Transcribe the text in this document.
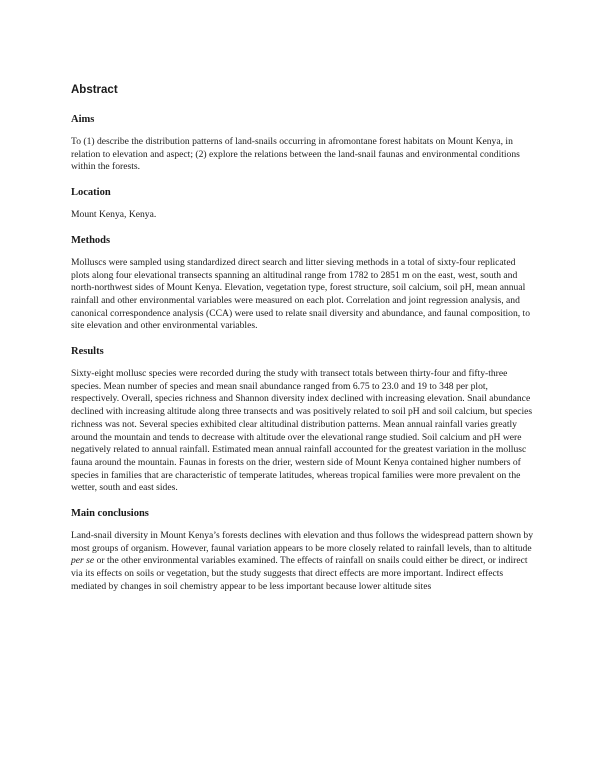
Abstract
Aims

To (1) describe the distribution patterns of land-snails occurring in afromontane forest habitats on Mount Kenya, in relation to elevation and aspect; (2) explore the relations between the land-snail faunas and environmental conditions within the forests.

Location

Mount Kenya, Kenya.

Methods

Molluscs were sampled using standardized direct search and litter sieving methods in a total of sixty-four replicated plots along four elevational transects spanning an altitudinal range from 1782 to 2851 m on the east, west, south and north-northwest sides of Mount Kenya. Elevation, vegetation type, forest structure, soil calcium, soil pH, mean annual rainfall and other environmental variables were measured on each plot. Correlation and joint regression analysis, and canonical correspondence analysis (CCA) were used to relate snail diversity and abundance, and faunal composition, to site elevation and other environmental variables.

Results

Sixty-eight mollusc species were recorded during the study with transect totals between thirty-four and fifty-three species. Mean number of species and mean snail abundance ranged from 6.75 to 23.0 and 19 to 348 per plot, respectively. Overall, species richness and Shannon diversity index declined with increasing elevation. Snail abundance declined with increasing altitude along three transects and was positively related to soil pH and soil calcium, but species richness was not. Several species exhibited clear altitudinal distribution patterns. Mean annual rainfall varies greatly around the mountain and tends to decrease with altitude over the elevational range studied. Soil calcium and pH were negatively related to annual rainfall. Estimated mean annual rainfall accounted for the greatest variation in the mollusc fauna around the mountain. Faunas in forests on the drier, western side of Mount Kenya contained higher numbers of species in families that are characteristic of temperate latitudes, whereas tropical families were more prevalent on the wetter, south and east sides.

Main conclusions

Land-snail diversity in Mount Kenya’s forests declines with elevation and thus follows the widespread pattern shown by most groups of organism. However, faunal variation appears to be more closely related to rainfall levels, than to altitude per se or the other environmental variables examined. The effects of rainfall on snails could either be direct, or indirect via its effects on soils or vegetation, but the study suggests that direct effects are more important. Indirect effects mediated by changes in soil chemistry appear to be less important because lower altitude sites
